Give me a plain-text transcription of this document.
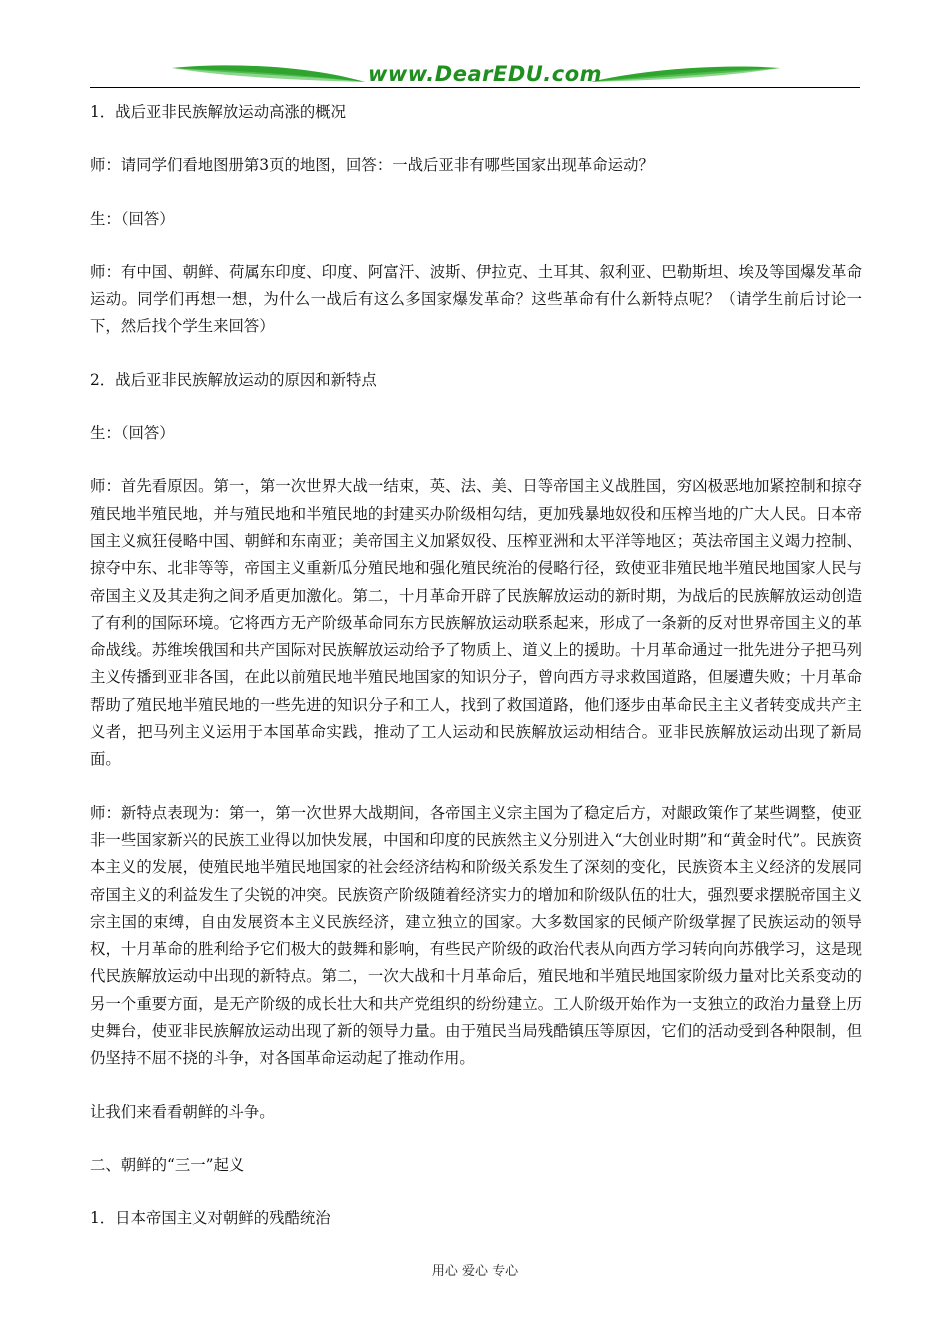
www.DearEDU.com

1．战后亚非民族解放运动高涨的概况

师：请同学们看地图册第3页的地图，回答：一战后亚非有哪些国家出现革命运动？

生：（回答）

师：有中国、朝鲜、荷属东印度、印度、阿富汗、波斯、伊拉克、土耳其、叙利亚、巴勒斯坦、埃及等国爆发革命运动。同学们再想一想，为什么一战后有这么多国家爆发革命？这些革命有什么新特点呢？（请学生前后讨论一下，然后找个学生来回答）

2．战后亚非民族解放运动的原因和新特点

生：（回答）

师：首先看原因。第一，第一次世界大战一结束，英、法、美、日等帝国主义战胜国，穷凶极恶地加紧控制和掠夺殖民地半殖民地，并与殖民地和半殖民地的封建买办阶级相勾结，更加残暴地奴役和压榨当地的广大人民。日本帝国主义疯狂侵略中国、朝鲜和东南亚；美帝国主义加紧奴役、压榨亚洲和太平洋等地区；英法帝国主义竭力控制、掠夺中东、北非等等，帝国主义重新瓜分殖民地和强化殖民统治的侵略行径，致使亚非殖民地半殖民地国家人民与帝国主义及其走狗之间矛盾更加激化。第二，十月革命开辟了民族解放运动的新时期，为战后的民族解放运动创造了有利的国际环境。它将西方无产阶级革命同东方民族解放运动联系起来，形成了一条新的反对世界帝国主义的革命战线。苏维埃俄国和共产国际对民族解放运动给予了物质上、道义上的援助。十月革命通过一批先进分子把马列主义传播到亚非各国，在此以前殖民地半殖民地国家的知识分子，曾向西方寻求救国道路，但屡遭失败；十月革命帮助了殖民地半殖民地的一些先进的知识分子和工人，找到了救国道路，他们逐步由革命民主主义者转变成共产主义者，把马列主义运用于本国革命实践，推动了工人运动和民族解放运动相结合。亚非民族解放运动出现了新局面。

师：新特点表现为：第一，第一次世界大战期间，各帝国主义宗主国为了稳定后方，对龈政策作了某些调整，使亚非一些国家新兴的民族工业得以加快发展，中国和印度的民族然主义分别进入“大创业时期”和“黄金时代”。民族资本主义的发展，使殖民地半殖民地国家的社会经济结构和阶级关系发生了深刻的变化，民族资本主义经济的发展同帝国主义的利益发生了尖锐的冲突。民族资产阶级随着经济实力的增加和阶级队伍的壮大，强烈要求摆脱帝国主义宗主国的束缚，自由发展资本主义民族经济，建立独立的国家。大多数国家的民倾产阶级掌握了民族运动的领导权，十月革命的胜利给予它们极大的鼓舞和影响，有些民产阶级的政治代表从向西方学习转向向苏俄学习，这是现代民族解放运动中出现的新特点。第二，一次大战和十月革命后，殖民地和半殖民地国家阶级力量对比关系变动的另一个重要方面，是无产阶级的成长壮大和共产党组织的纷纷建立。工人阶级开始作为一支独立的政治力量登上历史舞台，使亚非民族解放运动出现了新的领导力量。由于殖民当局残酷镇压等原因，它们的活动受到各种限制，但仍坚持不屈不挠的斗争，对各国革命运动起了推动作用。

让我们来看看朝鲜的斗争。

二、朝鲜的“三一”起义

1．日本帝国主义对朝鲜的残酷统治

用心 爱心 专心
